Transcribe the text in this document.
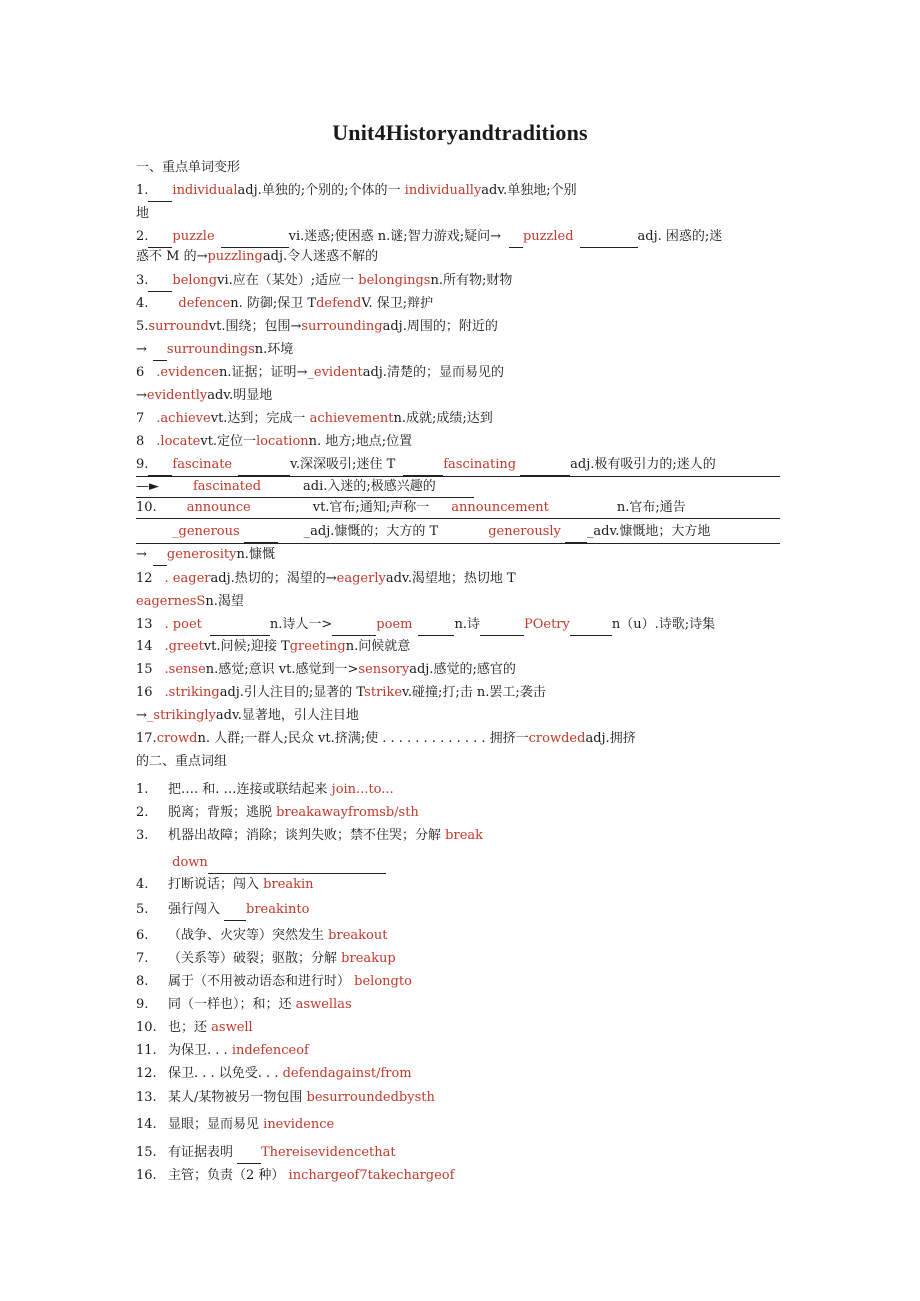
Unit4Historyandtraditions
一、重点单词变形
1. individualadj.单独的;个别的;个体的一 individuallyadv.单独地;个别
地
2. puzzle	vi.迷惑;使困惑 n.谜;智力游戏;疑问→ puzzled	adj. 困惑的;迷
惑不 M 的→puzzlingadj.令人迷惑不解的
3. belongvi.应在（某处）;适应一 belongingsn.所有物;财物
4. defencen. 防御;保卫 TdefendV. 保卫;辩护
5.surroundvt.围绕；包围→surroundingadj.周围的；附近的
→ surroundingsn.环境
6 .evidencen.证据；证明→_evidentadj.清楚的；显而易见的
→evidentlyadv.明显地
7 .achievevt.达到；完成一 achievementn.成就;成绩;达到
8 .locatevt.定位一locationn. 地方;地点;位置
9. fascinate	v.深深吸引;迷住 T	fascinating	adj.极有吸引力的;迷人的
—►	fascinated	adi.入迷的;极感兴趣的
10. announce	vt.官布;通知;声称一 announcement	n.官布;通告
_generous	_adj.慷慨的；大方的 T	generously _adv.慷慨地；大方地
→ generosityn.慷慨
12 . eageradj.热切的；渴望的→eagerlyadv.渴望地；热切地 T
eagernesSn.渴望
13 . poet	n.诗人一>	poem	n.诗	POetry	n（u）.诗歌;诗集
14 .greetvt.问候;迎接 Tgreetingn.问候就意
15 .sensen.感觉;意识 vt.感觉到一>sensoryadj.感觉的;感官的
16 .strikingadj.引人注目的;显著的 Tstrikev.碰撞;打;击 n.罢工;袭击
→_strikinglyadv.显著地，引人注目地
17.crowdn. 人群;一群人;民众 vt.挤满;使 . . . . . . . . . . . . . 拥挤一crowdedadj.拥挤
的二、重点词组
1. 把…. 和. …连接或联结起来 join...to...
2. 脱离；背叛；逃脱 breakawayfromsb/sth
3. 机器出故障；消除；谈判失败；禁不住哭；分解 break
down
4. 打断说话；闯入 breakin
5. 强行闯入 breakinto
6. （战争、火灾等）突然发生 breakout
7. （关系等）破裂；驱散；分解 breakup
8. 属于（不用被动语态和进行时） belongto
9. 同（一样也）；和；还 aswellas
10. 也；还 aswell
11. 为保卫. . . indefenceof
12. 保卫. . . 以免受. . . defendagainst/from
13. 某人/某物被另一物包围 besurroundedbysth
14. 显眼；显而易见 inevidence
15. 有证据表明 Thereisevidencethat
16. 主管；负责（2 种） inchargeof7takechargeof
